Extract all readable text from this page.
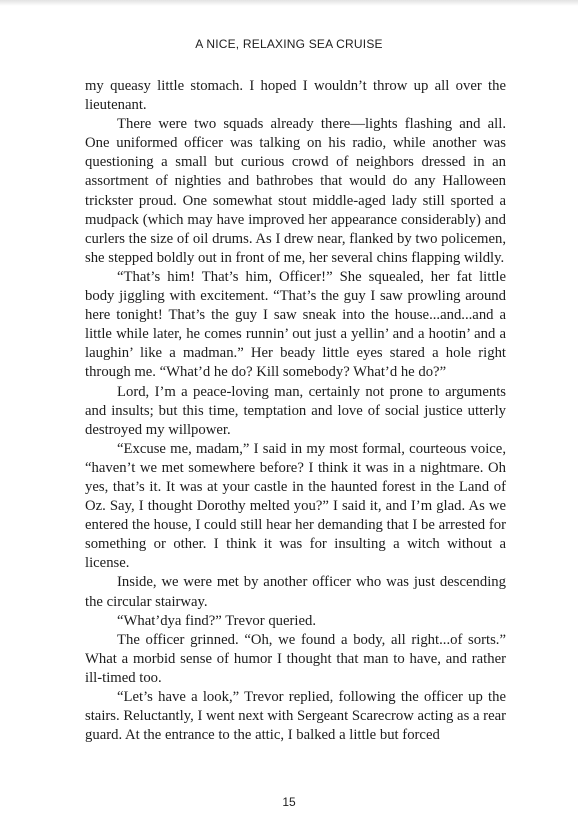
A NICE, RELAXING SEA CRUISE

my queasy little stomach. I hoped I wouldn’t throw up all over the lieutenant.

There were two squads already there—lights flashing and all. One uniformed officer was talking on his radio, while another was questioning a small but curious crowd of neighbors dressed in an assortment of nighties and bathrobes that would do any Halloween trickster proud. One somewhat stout middle-aged lady still sported a mudpack (which may have improved her appearance considerably) and curlers the size of oil drums. As I drew near, flanked by two policemen, she stepped boldly out in front of me, her several chins flapping wildly.

“That’s him! That’s him, Officer!” She squealed, her fat little body jiggling with excitement. “That’s the guy I saw prowling around here tonight! That’s the guy I saw sneak into the house...and...and a little while later, he comes runnin’ out just a yellin’ and a hootin’ and a laughin’ like a madman.” Her beady little eyes stared a hole right through me. “What’d he do? Kill somebody? What’d he do?”

Lord, I’m a peace-loving man, certainly not prone to arguments and insults; but this time, temptation and love of social justice utterly destroyed my willpower.

“Excuse me, madam,” I said in my most formal, courteous voice, “haven’t we met somewhere before? I think it was in a nightmare. Oh yes, that’s it. It was at your castle in the haunted forest in the Land of Oz. Say, I thought Dorothy melted you?” I said it, and I’m glad. As we entered the house, I could still hear her demanding that I be arrested for something or other. I think it was for insulting a witch without a license.

Inside, we were met by another officer who was just descending the circular stairway.

“What’dya find?” Trevor queried.

The officer grinned. “Oh, we found a body, all right...of sorts.” What a morbid sense of humor I thought that man to have, and rather ill-timed too.

“Let’s have a look,” Trevor replied, following the officer up the stairs. Reluctantly, I went next with Sergeant Scarecrow acting as a rear guard. At the entrance to the attic, I balked a little but forced

15
